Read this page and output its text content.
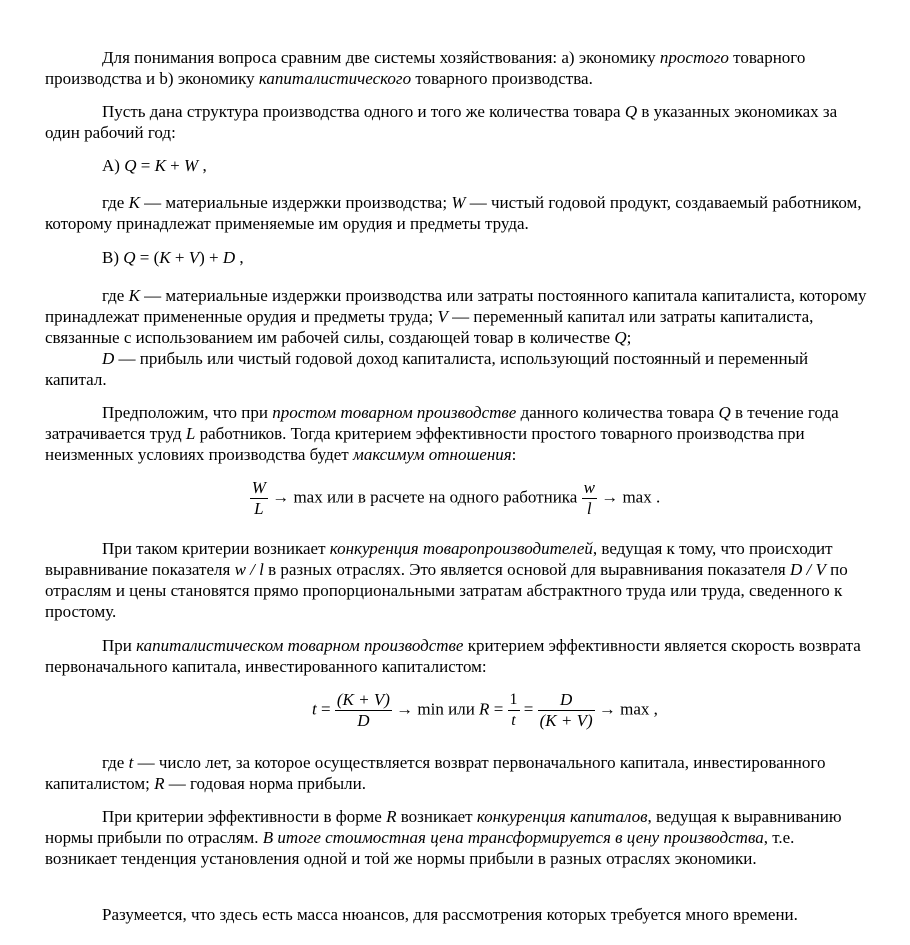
Для понимания вопроса сравним две системы хозяйствования: а) экономику простого товарного производства и b) экономику капиталистического товарного производства.

Пусть дана структура производства одного и того же количества товара Q в указанных экономиках за один рабочий год:

A) Q = K + W ,

где K — материальные издержки производства; W — чистый годовой продукт, создаваемый работником, которому принадлежат применяемые им орудия и предметы труда.

B) Q = (K + V) + D ,

где K — материальные издержки производства или затраты постоянного капитала капиталиста, которому принадлежат примененные орудия и предметы труда; V — переменный капитал или затраты капиталиста, связанные с использованием им рабочей силы, создающей товар в количестве Q;

D — прибыль или чистый годовой доход капиталиста, использующий постоянный и переменный капитал.

Предположим, что при простом товарном производстве данного количества товара Q в течение года затрачивается труд L работников. Тогда критерием эффективности простого товарного производства при неизменных условиях производства будет максимум отношения:

$\frac{W}{L} \to \max$ или в расчете на одного работника $\frac{w}{l} \to \max$ .

При таком критерии возникает конкуренция товаропроизводителей, ведущая к тому, что происходит выравнивание показателя w / l в разных отраслях. Это является основой для выравнивания показателя D / V по отраслям и цены становятся прямо пропорциональными затратам абстрактного труда или труда, сведенного к простому.

При капиталистическом товарном производстве критерием эффективности является скорость возврата первоначального капитала, инвестированного капиталистом:

$t = \frac{(K + V)}{D} \to \min$ или $R = \frac{1}{t} = \frac{D}{(K + V)} \to \max$ ,

где t — число лет, за которое осуществляется возврат первоначального капитала, инвестированного капиталистом; R — годовая норма прибыли.

При критерии эффективности в форме R возникает конкуренция капиталов, ведущая к выравниванию нормы прибыли по отраслям. В итоге стоимостная цена трансформируется в цену производства, т.е. возникает тенденция установления одной и той же нормы прибыли в разных отраслях экономики.

Разумеется, что здесь есть масса нюансов, для рассмотрения которых требуется много времени.
